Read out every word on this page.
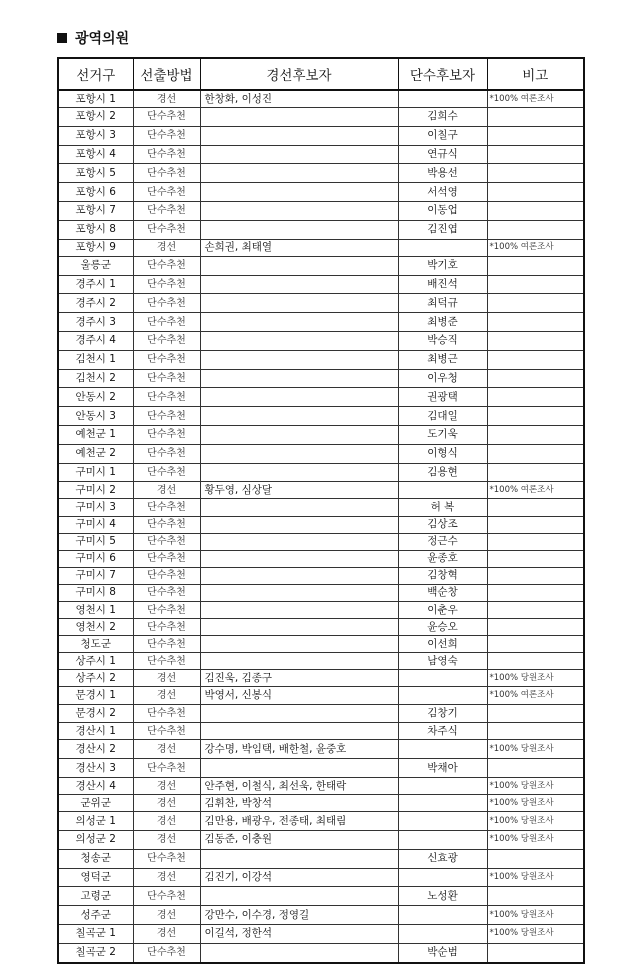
광역의원
선거구	선출방법	경선후보자	단수후보자	비고
포항시 1	경선	한창화, 이성진		*100% 여론조사
포항시 2	단수추천		김희수	
포항시 3	단수추천		이칠구	
포항시 4	단수추천		연규식	
포항시 5	단수추천		박용선	
포항시 6	단수추천		서석영	
포항시 7	단수추천		이동업	
포항시 8	단수추천		김진엽	
포항시 9	경선	손희권, 최태열		*100% 여론조사
울릉군	단수추천		박기호	
경주시 1	단수추천		배진석	
경주시 2	단수추천		최덕규	
경주시 3	단수추천		최병준	
경주시 4	단수추천		박승직	
김천시 1	단수추천		최병근	
김천시 2	단수추천		이우청	
안동시 2	단수추천		권광택	
안동시 3	단수추천		김대일	
예천군 1	단수추천		도기욱	
예천군 2	단수추천		이형식	
구미시 1	단수추천		김용현	
구미시 2	경선	황두영, 심상달		*100% 여론조사
구미시 3	단수추천		허 복	
구미시 4	단수추천		김상조	
구미시 5	단수추천		정근수	
구미시 6	단수추천		윤종호	
구미시 7	단수추천		김창혁	
구미시 8	단수추천		백순창	
영천시 1	단수추천		이춘우	
영천시 2	단수추천		윤승오	
청도군	단수추천		이선희	
상주시 1	단수추천		남영숙	
상주시 2	경선	김진욱, 김종구		*100% 당원조사
문경시 1	경선	박영서, 신봉식		*100% 여론조사
문경시 2	단수추천		김창기	
경산시 1	단수추천		차주식	
경산시 2	경선	강수명, 박임택, 배한철, 윤중호		*100% 당원조사
경산시 3	단수추천		박채아	
경산시 4	경선	안주현, 이철식, 최선욱, 한태락		*100% 당원조사
군위군	경선	김휘찬, 박창석		*100% 당원조사
의성군 1	경선	김만용, 배광우, 전종태, 최태림		*100% 당원조사
의성군 2	경선	김동준, 이충원		*100% 당원조사
청송군	단수추천		신효광	
영덕군	경선	김진기, 이강석		*100% 당원조사
고령군	단수추천		노성환	
성주군	경선	강만수, 이수경, 정영길		*100% 당원조사
칠곡군 1	경선	이길석, 정한석		*100% 당원조사
칠곡군 2	단수추천		박순범	
